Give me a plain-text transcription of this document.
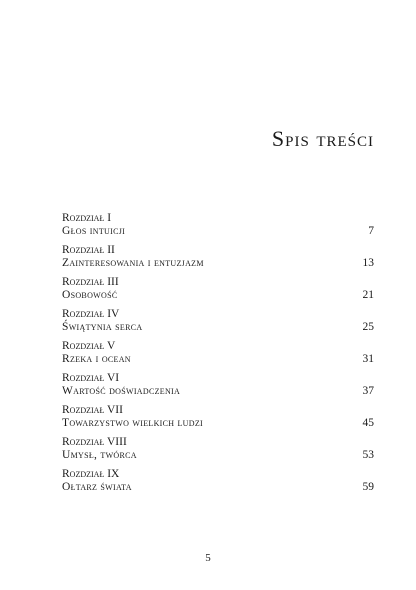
Spis treści
Rozdział I
Głos intuicji	7
Rozdział II
Zainteresowania i entuzjazm	13
Rozdział III
Osobowość	21
Rozdział IV
Świątynia serca	25
Rozdział V
Rzeka i ocean	31
Rozdział VI
Wartość doświadczenia	37
Rozdział VII
Towarzystwo wielkich ludzi	45
Rozdział VIII
Umysł, twórca	53
Rozdział IX
Ołtarz świata	59
5
